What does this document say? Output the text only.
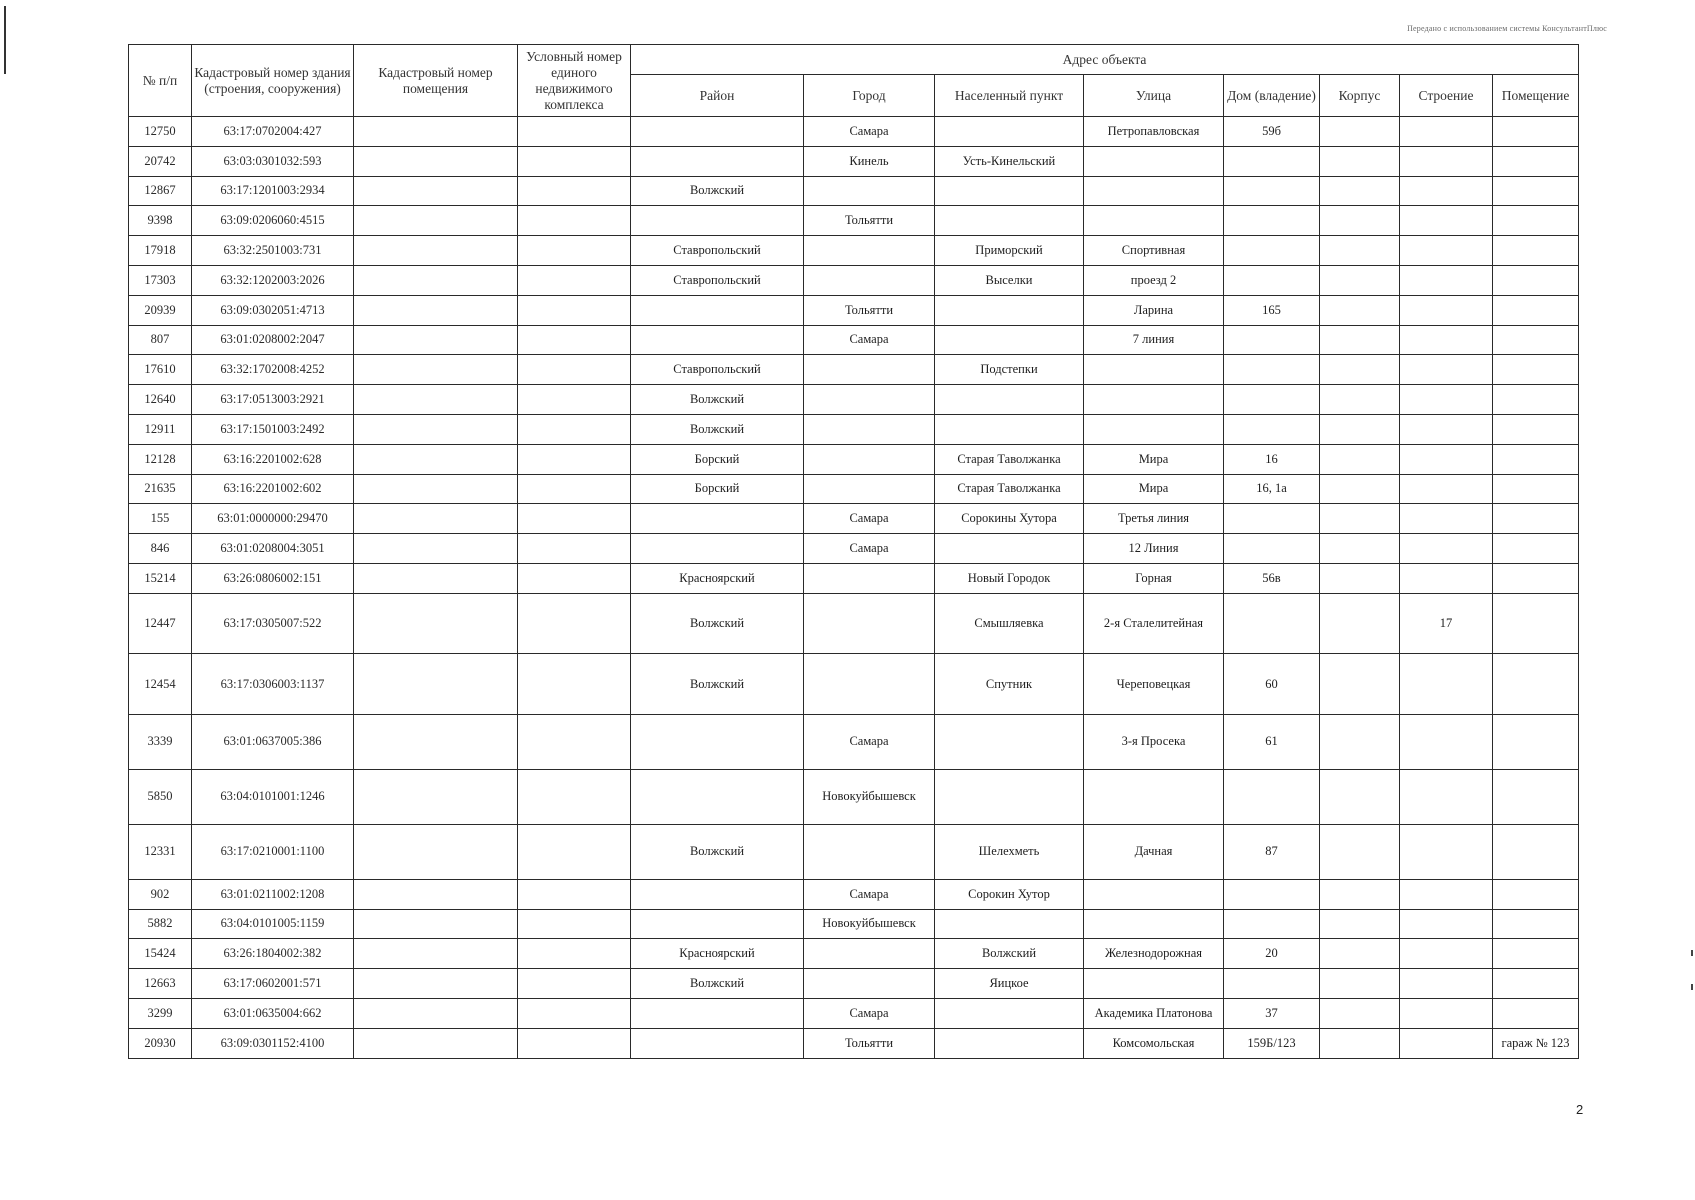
Передано с использованием системы КонсультантПлюс
№ п/п	Кадастровый номер здания (строения, сооружения)	Кадастровый номер помещения	Условный номер единого недвижимого комплекса	Адрес объекта							
				Район	Город	Населенный пункт	Улица	Дом (владение)	Корпус	Строение	Помещение
12750	63:17:0702004:427				Самара		Петропавловская	59б			
20742	63:03:0301032:593				Кинель	Усть-Кинельский					
12867	63:17:1201003:2934			Волжский							
9398	63:09:0206060:4515				Тольятти						
17918	63:32:2501003:731			Ставропольский		Приморский	Спортивная				
17303	63:32:1202003:2026			Ставропольский		Выселки	проезд 2				
20939	63:09:0302051:4713				Тольятти		Ларина	165			
807	63:01:0208002:2047				Самара		7 линия				
17610	63:32:1702008:4252			Ставропольский		Подстепки					
12640	63:17:0513003:2921			Волжский							
12911	63:17:1501003:2492			Волжский							
12128	63:16:2201002:628			Борский		Старая Таволжанка	Мира	16			
21635	63:16:2201002:602			Борский		Старая Таволжанка	Мира	16, 1а			
155	63:01:0000000:29470				Самара	Сорокины Хутора	Третья линия				
846	63:01:0208004:3051				Самара		12 Линия				
15214	63:26:0806002:151			Красноярский		Новый Городок	Горная	56в			
12447	63:17:0305007:522			Волжский		Смышляевка	2-я Сталелитейная			17	
12454	63:17:0306003:1137			Волжский		Спутник	Череповецкая	60			
3339	63:01:0637005:386				Самара		3-я Просека	61			
5850	63:04:0101001:1246				Новокуйбышевск						
12331	63:17:0210001:1100			Волжский		Шелехметь	Дачная	87			
902	63:01:0211002:1208				Самара	Сорокин Хутор					
5882	63:04:0101005:1159				Новокуйбышевск						
15424	63:26:1804002:382			Красноярский		Волжский	Железнодорожная	20			
12663	63:17:0602001:571			Волжский		Яицкое					
3299	63:01:0635004:662				Самара		Академика Платонова	37			
20930	63:09:0301152:4100				Тольятти		Комсомольская	159Б/123			гараж № 123
2
